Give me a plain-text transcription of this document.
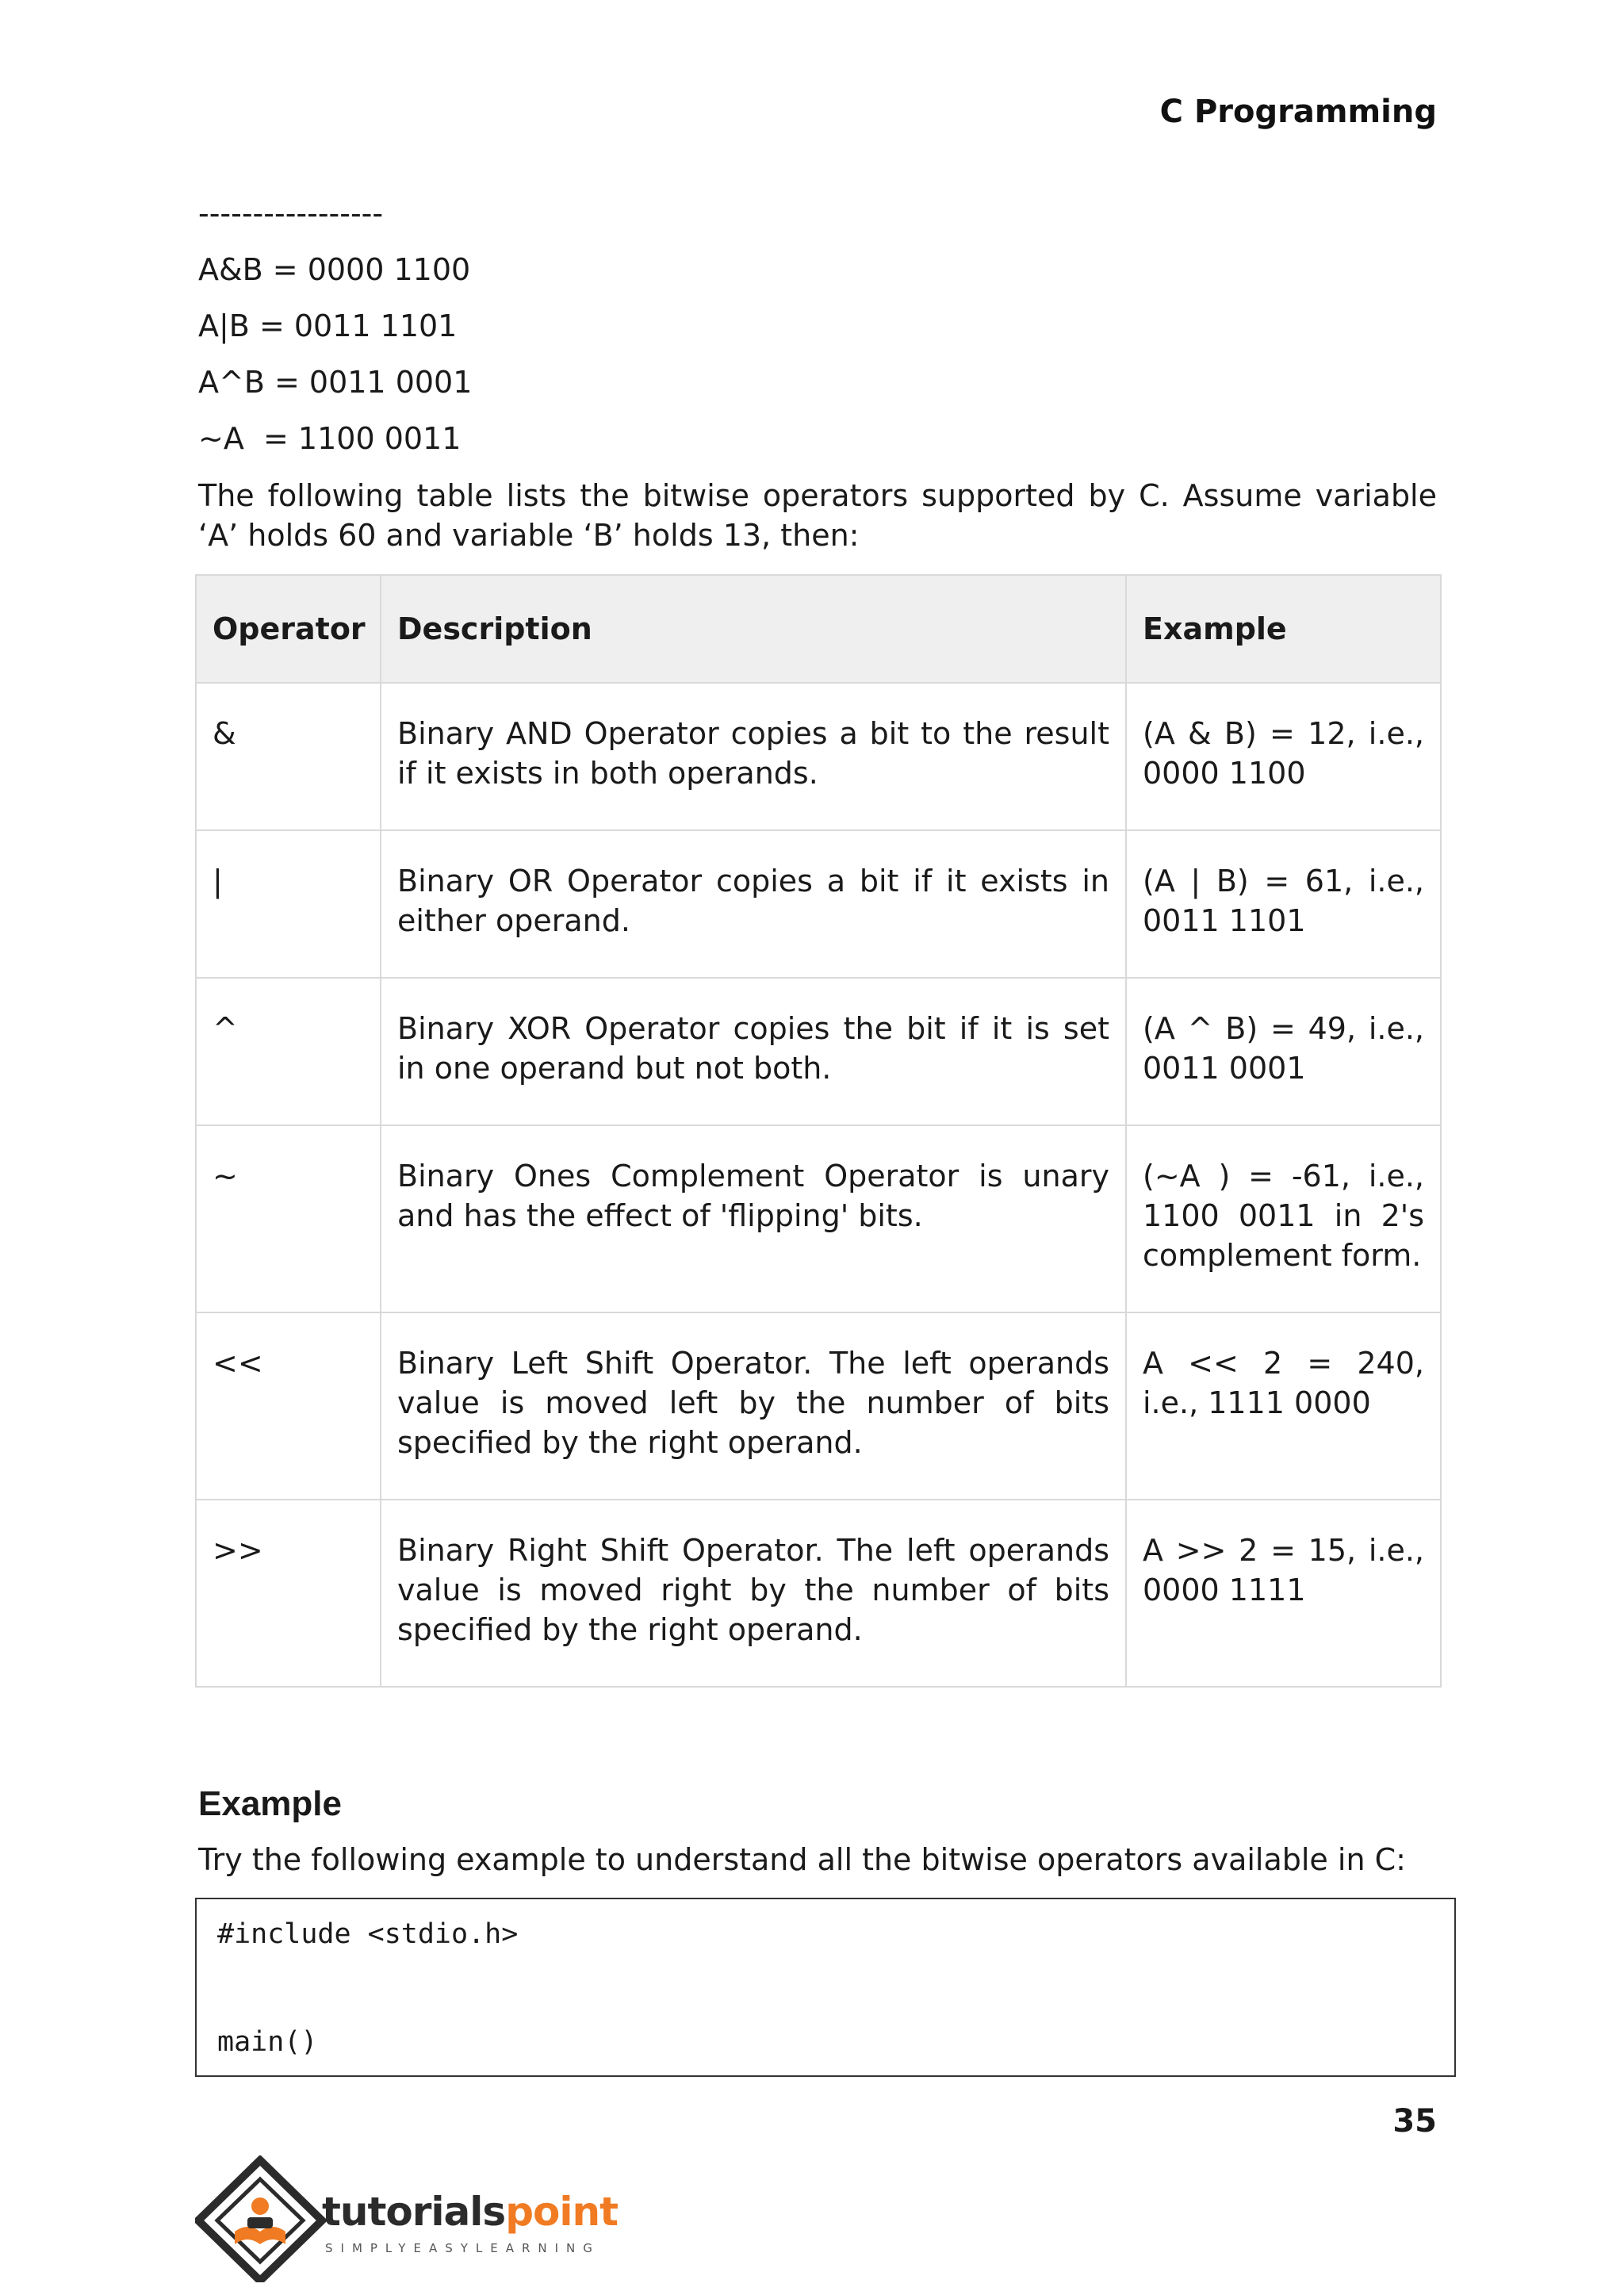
C Programming
-----------------
A&B = 0000 1100
A|B = 0011 1101
A^B = 0011 0001
~A  = 1100 0011
The following table lists the bitwise operators supported by C. Assume variable ‘A’ holds 60 and variable ‘B’ holds 13, then:
Operator	Description	Example
&	Binary AND Operator copies a bit to the result if it exists in both operands.	(A & B) = 12, i.e., 0000 1100
|	Binary OR Operator copies a bit if it exists in either operand.	(A | B) = 61, i.e., 0011 1101
^	Binary XOR Operator copies the bit if it is set in one operand but not both.	(A ^ B) = 49, i.e., 0011 0001
~	Binary Ones Complement Operator is unary and has the effect of 'flipping' bits.	(~A ) = -61, i.e., 1100 0011 in 2's complement form.
<<	Binary Left Shift Operator. The left operands value is moved left by the number of bits specified by the right operand.	A << 2 = 240, i.e., 1111 0000
>>	Binary Right Shift Operator. The left operands value is moved right by the number of bits specified by the right operand.	A >> 2 = 15, i.e., 0000 1111
Example
Try the following example to understand all the bitwise operators available in C:
#include <stdio.h>
main()
35
tutorialspoint
SIMPLYEASYLEARNING
